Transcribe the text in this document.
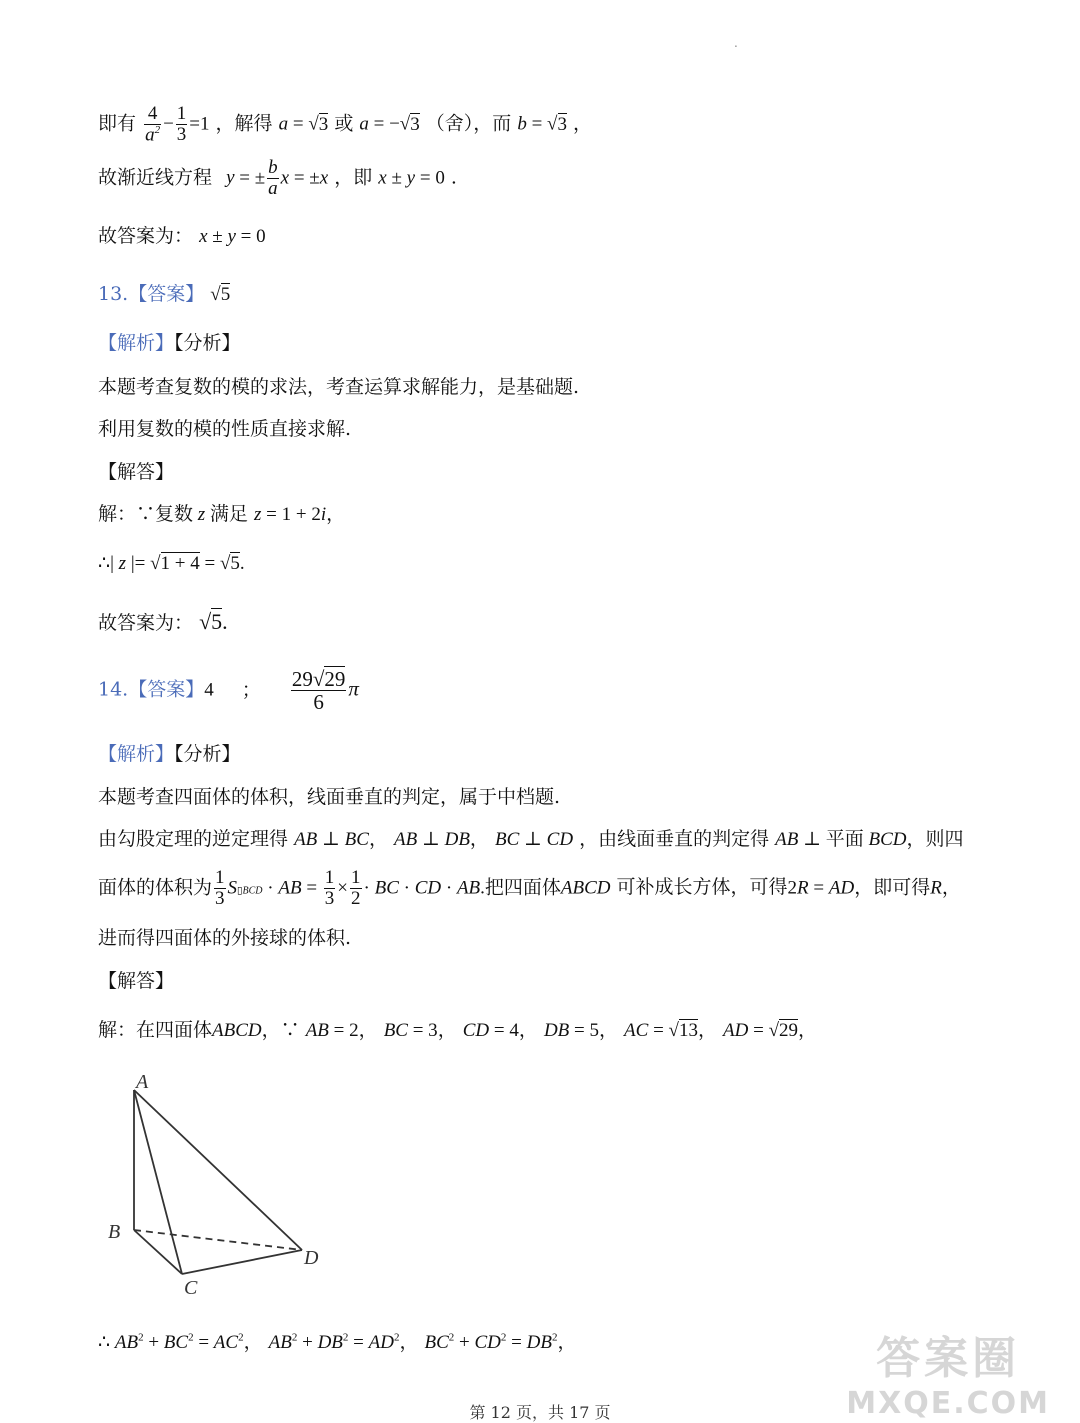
.
即有 $\frac{4}{a^2} - \frac{1}{3} =1$ ，解得 a = √3 或 a = −√3 （舍），而 b = √3 ，
故渐近线方程 y = ± $\frac{b}{a}$ x = ±x ，即 x ± y = 0 .
故答案为： x ± y = 0
13.【答案】 √5
【解析】【分析】
本题考查复数的模的求法，考查运算求解能力，是基础题.
利用复数的模的性质直接求解.
【解答】
解：∵复数 z 满足 z = 1 + 2i，
∴| z |= √1 + 4 = √5.
故答案为： √5.
14.【答案】4 ； $\frac{29√29}{6}$ π
【解析】【分析】
本题考查四面体的体积，线面垂直的判定，属于中档题.
由勾股定理的逆定理得 AB ⊥ BC， AB ⊥ DB， BC ⊥ CD ，由线面垂直的判定得 AB ⊥ 平面 BCD，则四
面体的体积为 $\frac{1}{3}$ S▯BCD · AB = $\frac{1}{3} \times \frac{1}{2}$ · BC · CD · AB.把四面体ABCD 可补成长方体，可得2R = AD，即可得R，
进而得四面体的外接球的体积.
【解答】
解：在四面体ABCD，∵ AB = 2， BC = 3， CD = 4， DB = 5， AC = √13， AD = √29，
A
B
C
D
∴ $AB^2 + BC^2 = AC^2$， $AB^2 + DB^2 = AD^2$， $BC^2 + CD^2 = DB^2$，	答案圈
MXQE.COM
第 12 页，共 17 页
